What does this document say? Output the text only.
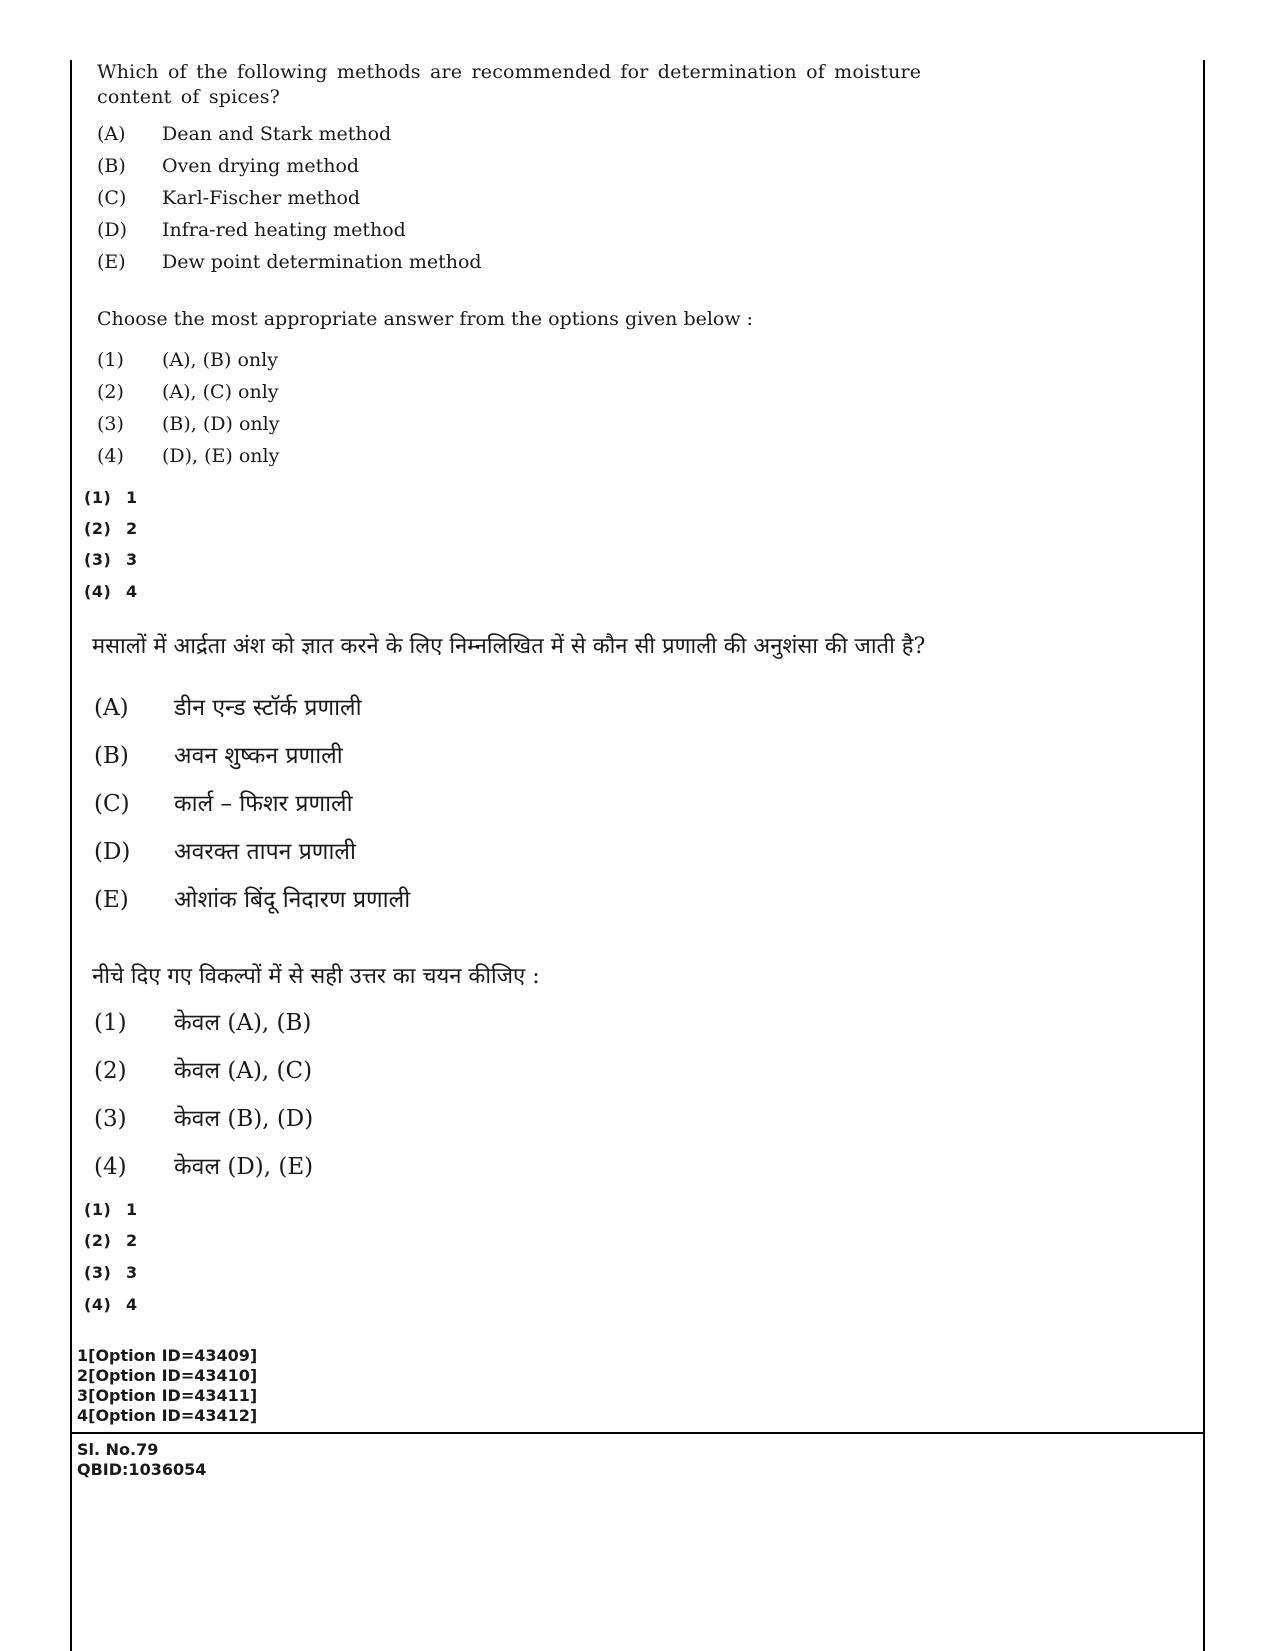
Which of the following methods are recommended for determination of moisture content of spices?
(A) Dean and Stark method
(B) Oven drying method
(C) Karl-Fischer method
(D) Infra-red heating method
(E) Dew point determination method
Choose the most appropriate answer from the options given below :
(1) (A), (B) only
(2) (A), (C) only
(3) (B), (D) only
(4) (D), (E) only
(1) 1
(2) 2
(3) 3
(4) 4
मसालों में आर्द्रता अंश को ज्ञात करने के लिए निम्नलिखित में से कौन सी प्रणाली की अनुशंसा की जाती है?
(A) डीन एन्ड स्टॉर्क प्रणाली
(B) अवन शुष्कन प्रणाली
(C) कार्ल – फिशर प्रणाली
(D) अवरक्त तापन प्रणाली
(E) ओशांक बिंदू निदारण प्रणाली
नीचे दिए गए विकल्पों में से सही उत्तर का चयन कीजिए :
(1) केवल (A), (B)
(2) केवल (A), (C)
(3) केवल (B), (D)
(4) केवल (D), (E)
(1) 1
(2) 2
(3) 3
(4) 4
1[Option ID=43409]
2[Option ID=43410]
3[Option ID=43411]
4[Option ID=43412]
Sl. No.79
QBID:1036054
